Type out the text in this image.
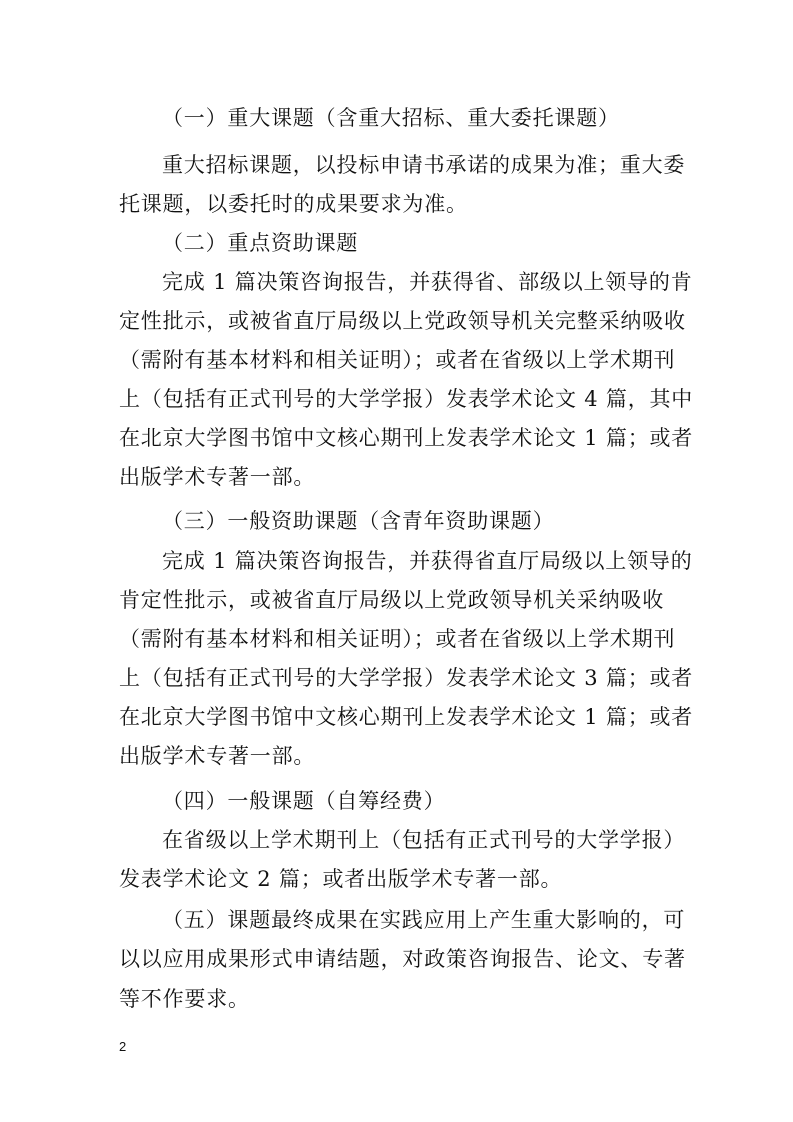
（一）重大课题（含重大招标、重大委托课题）
重大招标课题，以投标申请书承诺的成果为准；重大委
托课题，以委托时的成果要求为准。
（二）重点资助课题
完成 1 篇决策咨询报告，并获得省、部级以上领导的肯
定性批示，或被省直厅局级以上党政领导机关完整采纳吸收
（需附有基本材料和相关证明）；或者在省级以上学术期刊
上（包括有正式刊号的大学学报）发表学术论文 4 篇，其中
在北京大学图书馆中文核心期刊上发表学术论文 1 篇；或者
出版学术专著一部。
（三）一般资助课题（含青年资助课题）
完成 1 篇决策咨询报告，并获得省直厅局级以上领导的
肯定性批示，或被省直厅局级以上党政领导机关采纳吸收
（需附有基本材料和相关证明）；或者在省级以上学术期刊
上（包括有正式刊号的大学学报）发表学术论文 3 篇；或者
在北京大学图书馆中文核心期刊上发表学术论文 1 篇；或者
出版学术专著一部。
（四）一般课题（自筹经费）
在省级以上学术期刊上（包括有正式刊号的大学学报）
发表学术论文 2 篇；或者出版学术专著一部。
（五）课题最终成果在实践应用上产生重大影响的，可
以以应用成果形式申请结题，对政策咨询报告、论文、专著
等不作要求。
2
